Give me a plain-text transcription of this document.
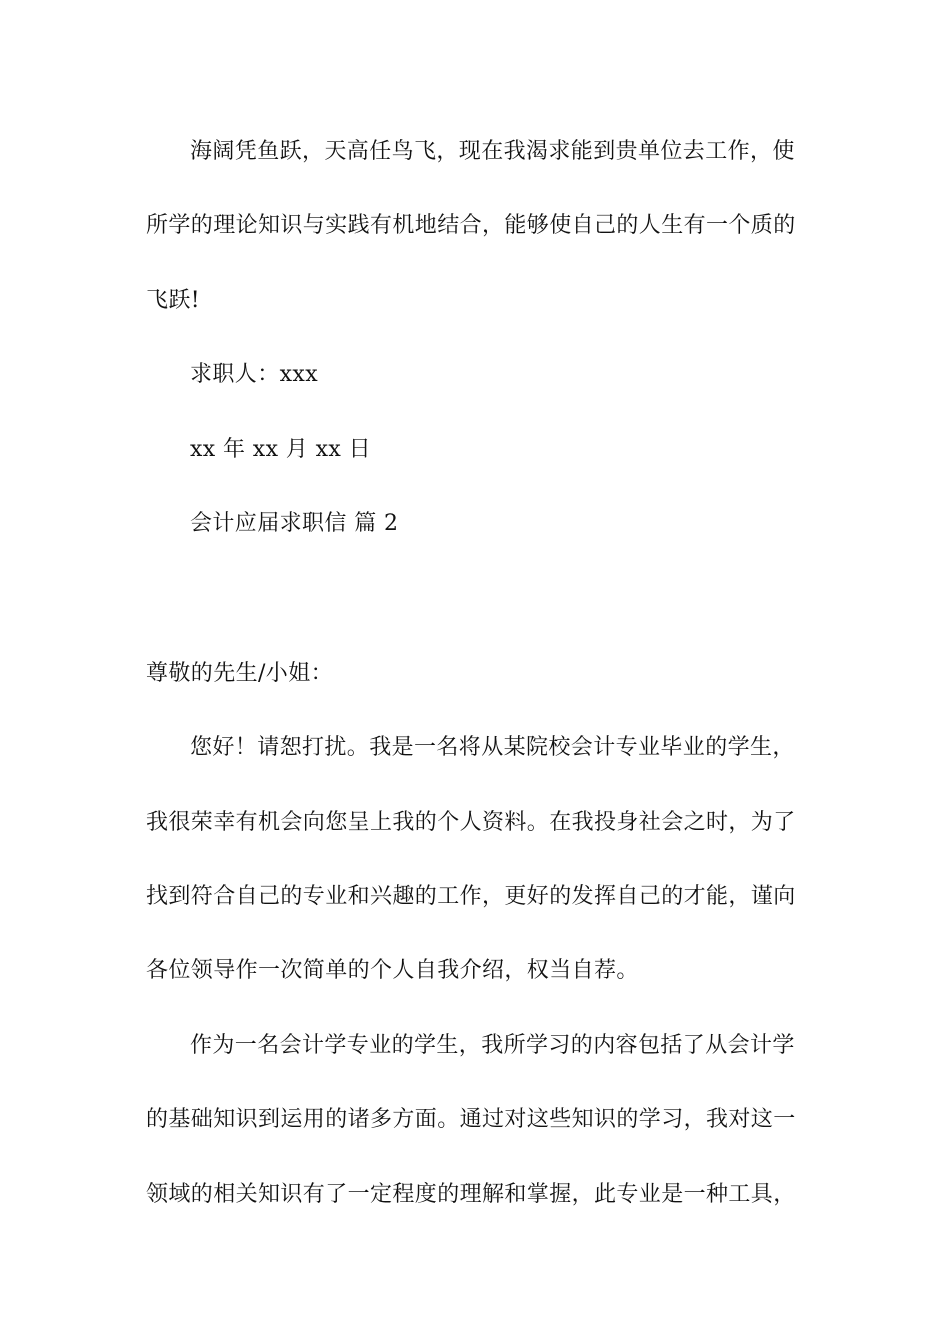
海阔凭鱼跃，天高任鸟飞，现在我渴求能到贵单位去工作，使
所学的理论知识与实践有机地结合，能够使自己的人生有一个质的
飞跃!
求职人：xxx
xx 年 xx 月 xx 日
会计应届求职信 篇 2
尊敬的先生/小姐：
您好！请恕打扰。我是一名将从某院校会计专业毕业的学生，
我很荣幸有机会向您呈上我的个人资料。在我投身社会之时，为了
找到符合自己的专业和兴趣的工作，更好的发挥自己的才能，谨向
各位领导作一次简单的个人自我介绍，权当自荐。
作为一名会计学专业的学生，我所学习的内容包括了从会计学
的基础知识到运用的诸多方面。通过对这些知识的学习，我对这一
领域的相关知识有了一定程度的理解和掌握，此专业是一种工具，
